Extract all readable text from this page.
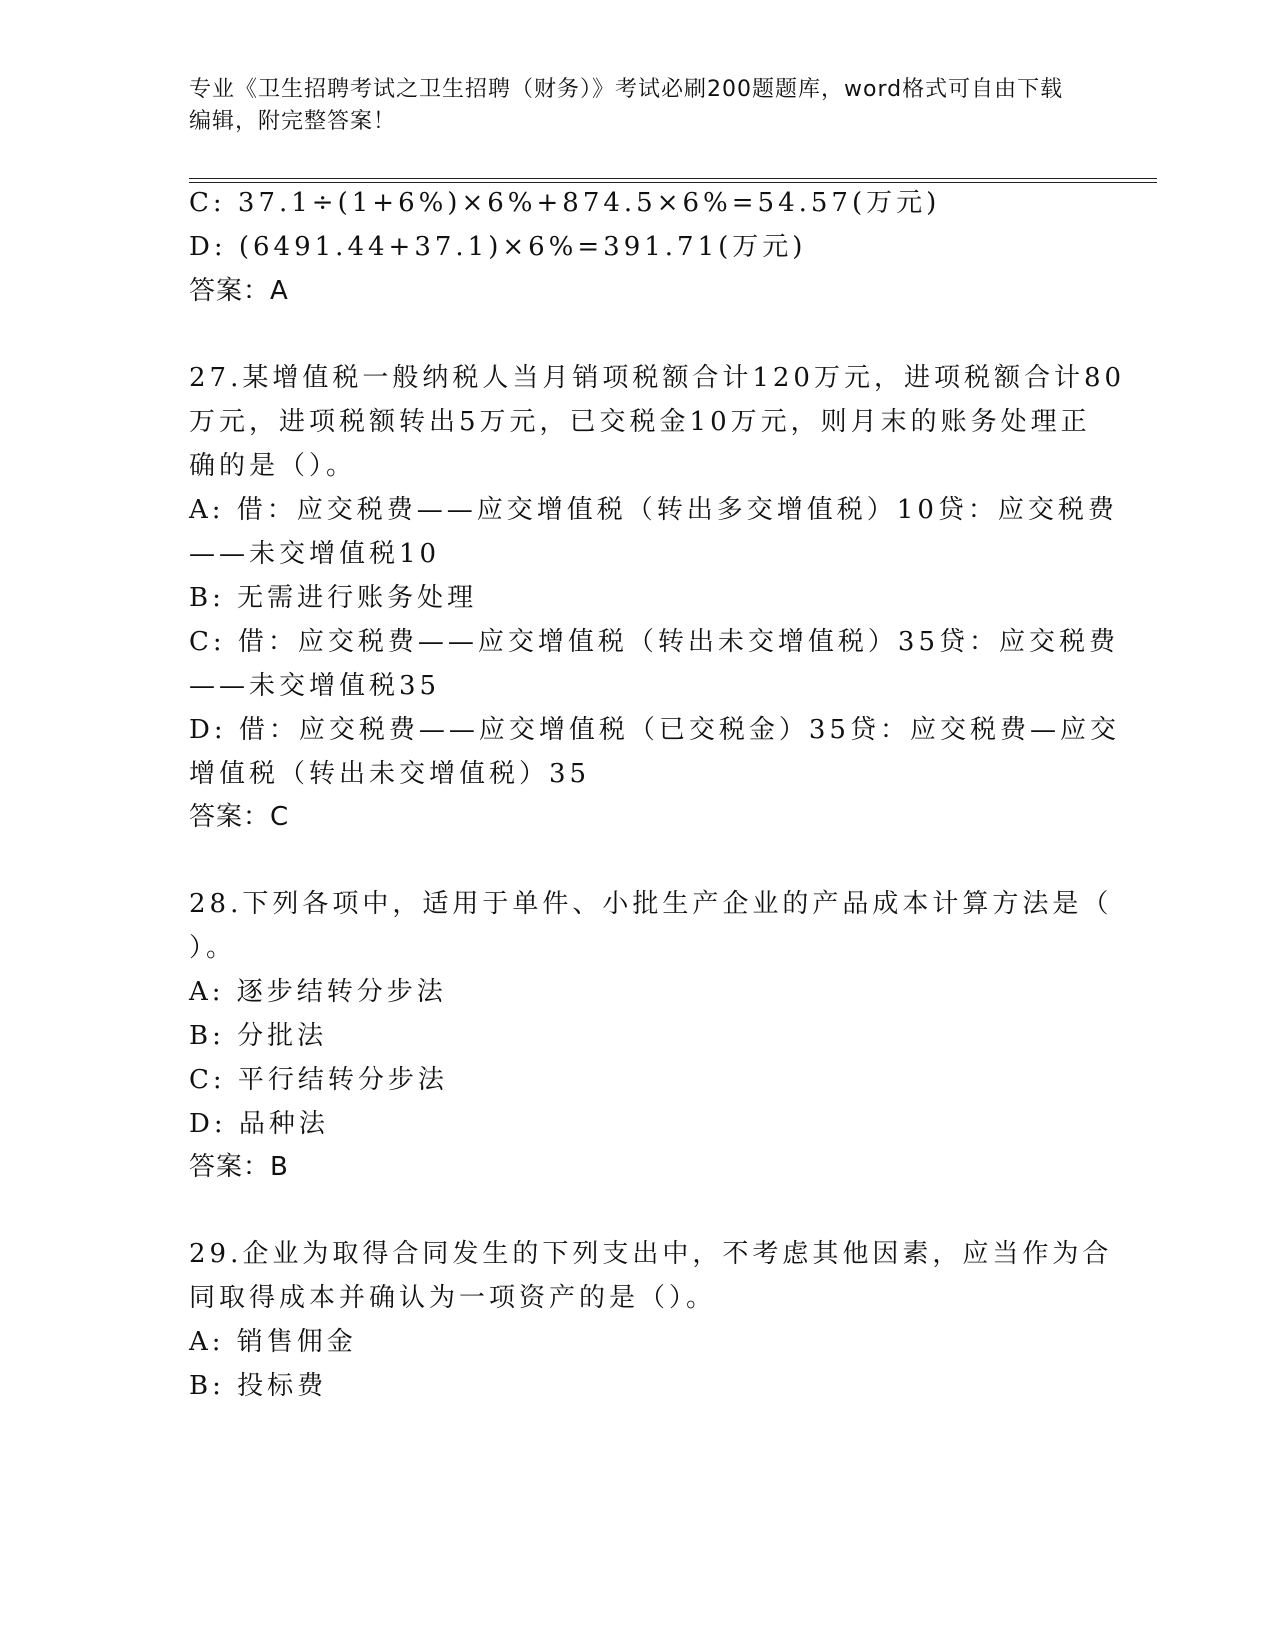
专业《卫生招聘考试之卫生招聘（财务）》考试必刷200题题库，word格式可自由下载编辑，附完整答案！
C: 37.1÷(1+6%)×6%+874.5×6%=54.57(万元)
D: (6491.44+37.1)×6%=391.71(万元)
答案：A
27.某增值税一般纳税人当月销项税额合计120万元，进项税额合计80
万元，进项税额转出5万元，已交税金10万元，则月末的账务处理正
确的是（）。
A: 借：应交税费——应交增值税（转出多交增值税）10贷：应交税费
——未交增值税10
B: 无需进行账务处理
C: 借：应交税费——应交增值税（转出未交增值税）35贷：应交税费
——未交增值税35
D: 借：应交税费——应交增值税（已交税金）35贷：应交税费—应交
增值税（转出未交增值税）35
答案：C
28.下列各项中，适用于单件、小批生产企业的产品成本计算方法是（
）。
A: 逐步结转分步法
B: 分批法
C: 平行结转分步法
D: 品种法
答案：B
29.企业为取得合同发生的下列支出中，不考虑其他因素，应当作为合
同取得成本并确认为一项资产的是（）。
A: 销售佣金
B: 投标费
